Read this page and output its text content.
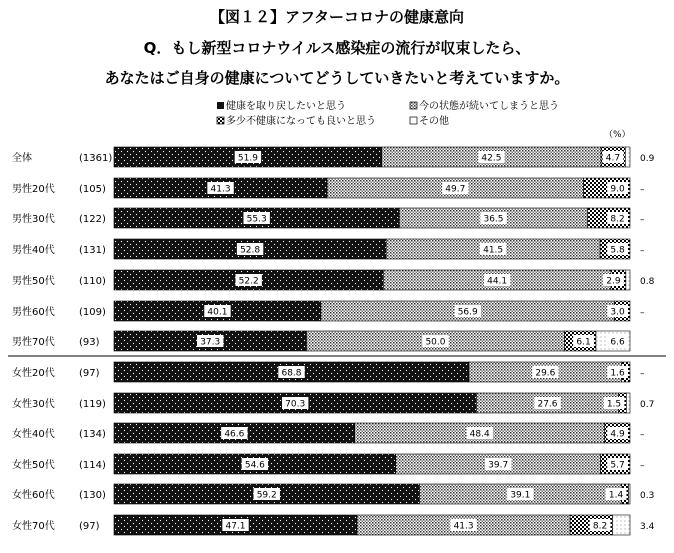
【図１２】アフターコロナの健康意向
Q．もし新型コロナウイルス感染症の流行が収束したら、
あなたはご自身の健康についてどうしていきたいと考えていますか。
健康を取り戻したいと思う	今の状態が続いてしまうと思う
多少不健康になっても良いと思う	その他
（%）
全体	(1361)	51.9	42.5	4.7 0.9
男性20代 (105)	41.3	49.7	9.0 –
男性30代 (122)	55.3	36.5	8.2 –
男性40代 (131)	52.8	41.5	5.8 –
男性50代 (110)	52.2	44.1	2.9 0.8
男性60代 (109)	40.1	56.9	3.0 –
男性70代 (93)	37.3	50.0	6.1 6.6
女性20代 (97)	68.8	29.6	1.6 –
女性30代 (119)	70.3	27.6	1.5 0.7
女性40代 (134)	46.6	48.4	4.9 –
女性50代 (114)	54.6	39.7	5.7 –
女性60代 (130)	59.2	39.1	1.4 0.3
女性70代 (97)	47.1	41.3	8.2	3.4
